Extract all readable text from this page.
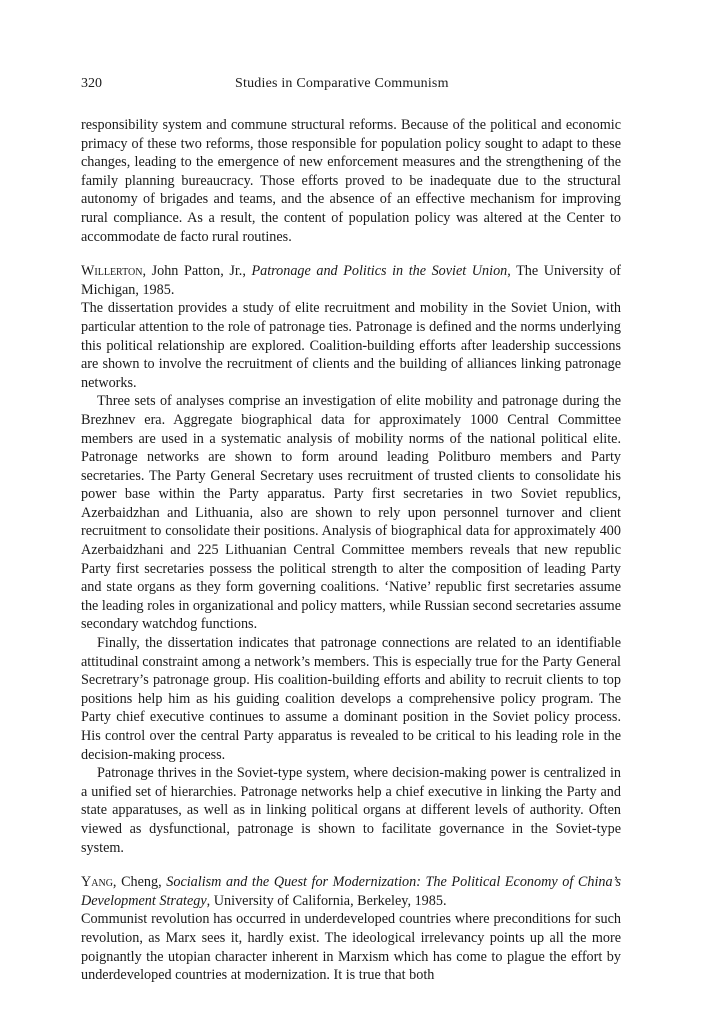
320	Studies in Comparative Communism

responsibility system and commune structural reforms. Because of the political and economic primacy of these two reforms, those responsible for population policy sought to adapt to these changes, leading to the emergence of new enforcement measures and the strengthening of the family planning bureaucracy. Those efforts proved to be inadequate due to the structural autonomy of brigades and teams, and the absence of an effective mechanism for improving rural compliance. As a result, the content of population policy was altered at the Center to accommodate de facto rural routines.

Willerton, John Patton, Jr., Patronage and Politics in the Soviet Union, The University of Michigan, 1985.

The dissertation provides a study of elite recruitment and mobility in the Soviet Union, with particular attention to the role of patronage ties. Patronage is defined and the norms underlying this political relationship are explored. Coalition-building efforts after leadership successions are shown to involve the recruitment of clients and the building of alliances linking patronage networks.

Three sets of analyses comprise an investigation of elite mobility and patronage during the Brezhnev era. Aggregate biographical data for approximately 1000 Central Committee members are used in a systematic analysis of mobility norms of the national political elite. Patronage networks are shown to form around leading Politburo members and Party secretaries. The Party General Secretary uses recruitment of trusted clients to consolidate his power base within the Party apparatus. Party first secretaries in two Soviet republics, Azerbaidzhan and Lithuania, also are shown to rely upon personnel turnover and client recruitment to consolidate their positions. Analysis of biographical data for approximately 400 Azerbaidzhani and 225 Lithuanian Central Committee members reveals that new republic Party first secretaries possess the political strength to alter the composition of leading Party and state organs as they form governing coalitions. ‘Native’ republic first secretaries assume the leading roles in organizational and policy matters, while Russian second secretaries assume secondary watchdog functions.

Finally, the dissertation indicates that patronage connections are related to an identifiable attitudinal constraint among a network’s members. This is especially true for the Party General Secretrary’s patronage group. His coalition-building efforts and ability to recruit clients to top positions help him as his guiding coalition develops a comprehensive policy program. The Party chief executive continues to assume a dominant position in the Soviet policy process. His control over the central Party apparatus is revealed to be critical to his leading role in the decision-making process.

Patronage thrives in the Soviet-type system, where decision-making power is centralized in a unified set of hierarchies. Patronage networks help a chief executive in linking the Party and state apparatuses, as well as in linking political organs at different levels of authority. Often viewed as dysfunctional, patronage is shown to facilitate governance in the Soviet-type system.

Yang, Cheng, Socialism and the Quest for Modernization: The Political Economy of China’s Development Strategy, University of California, Berkeley, 1985.

Communist revolution has occurred in underdeveloped countries where preconditions for such revolution, as Marx sees it, hardly exist. The ideological irrelevancy points up all the more poignantly the utopian character inherent in Marxism which has come to plague the effort by underdeveloped countries at modernization. It is true that both
